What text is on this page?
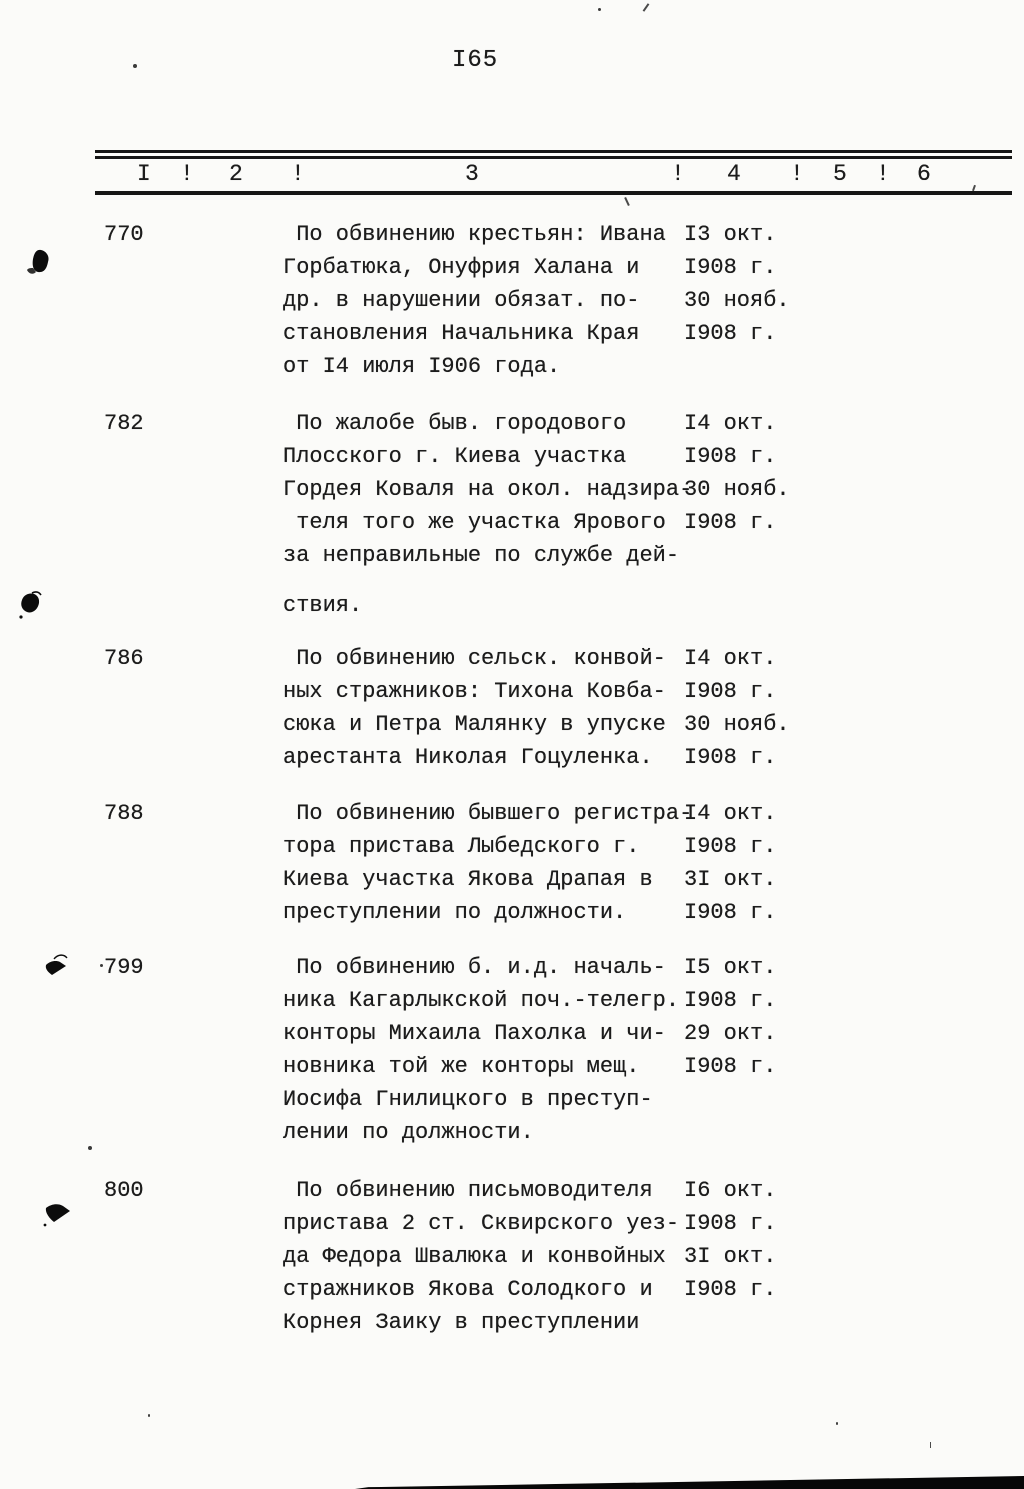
I65
I ! 2 !	3	! 4 ! 5 ! 6
770	По обвинению крестьян: Ивана
Горбатюка, Онуфрия Халана и
др. в нарушении обязат. по-
становления Начальника Края
от I4 июля I906 года.
I3 окт.
I908 г.
30 нояб.
I908 г.
782	По жалобе быв. городового
Плосского г. Киева участка
Гордея Коваля на окол. надзира-
теля того же участка Ярового
за неправильные по службе дей-
ствия.
I4 окт.
I908 г.
30 нояб.
I908 г.
786	По обвинению сельск. конвой-
ных стражников: Тихона Ковба-
сюка и Петра Малянку в упуске
арестанта Николая Гоцуленка.
I4 окт.
I908 г.
30 нояб.
I908 г.
788	По обвинению бывшего регистра-
тора пристава Лыбедского г.
Киева участка Якова Драпая в
преступлении по должности.
I4 окт.
I908 г.
3I окт.
I908 г.
799	По обвинению б. и.д. началь-
ника Кагарлыкской поч.-телегр.
конторы Михаила Пахолка и чи-
новника той же конторы мещ.
Иосифа Гнилицкого в преступ-
лении по должности.
I5 окт.
I908 г.
29 окт.
I908 г.
800	По обвинению письмоводителя
пристава 2 ст. Сквирского уез-
да Федора Швалюка и конвойных
стражников Якова Солодкого и
Корнея Заику в преступлении
I6 окт.
I908 г.
3I окт.
I908 г.
